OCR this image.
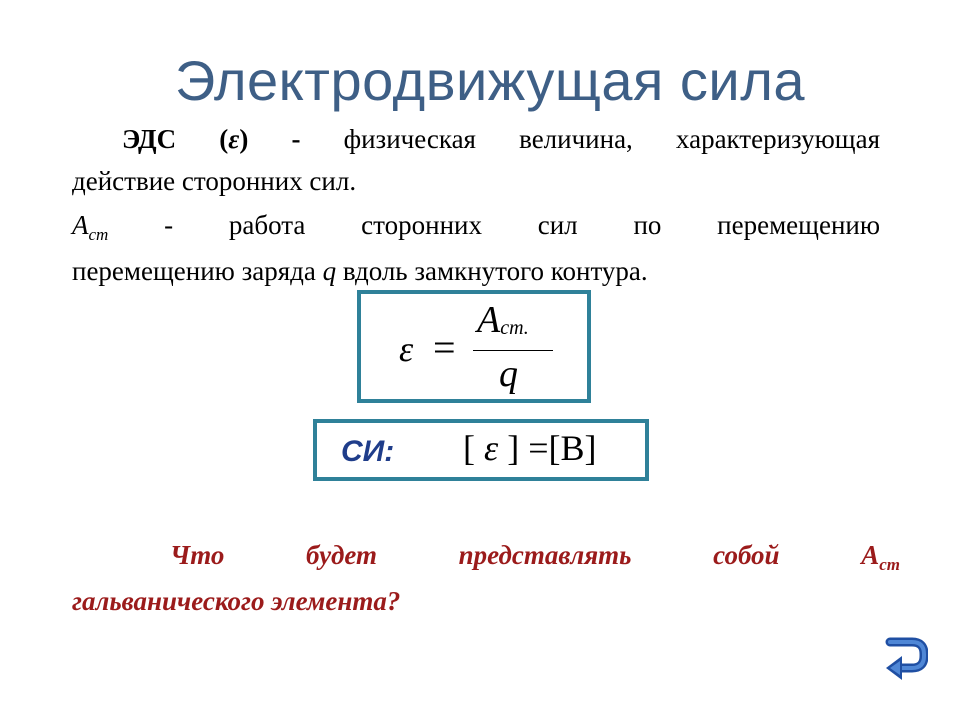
Электродвижущая сила
ЭДС (ε) - физическая величина, характеризующая
действие сторонних сил.
$A_{ст}$ - работа сторонних сил по перемещению
перемещению заряда q вдоль замкнутого контура.
ε =
Aст.
q
СИ: [ ε ] =[B]
Что будет представлять собой	$A_{ст}$
гальванического элемента?
